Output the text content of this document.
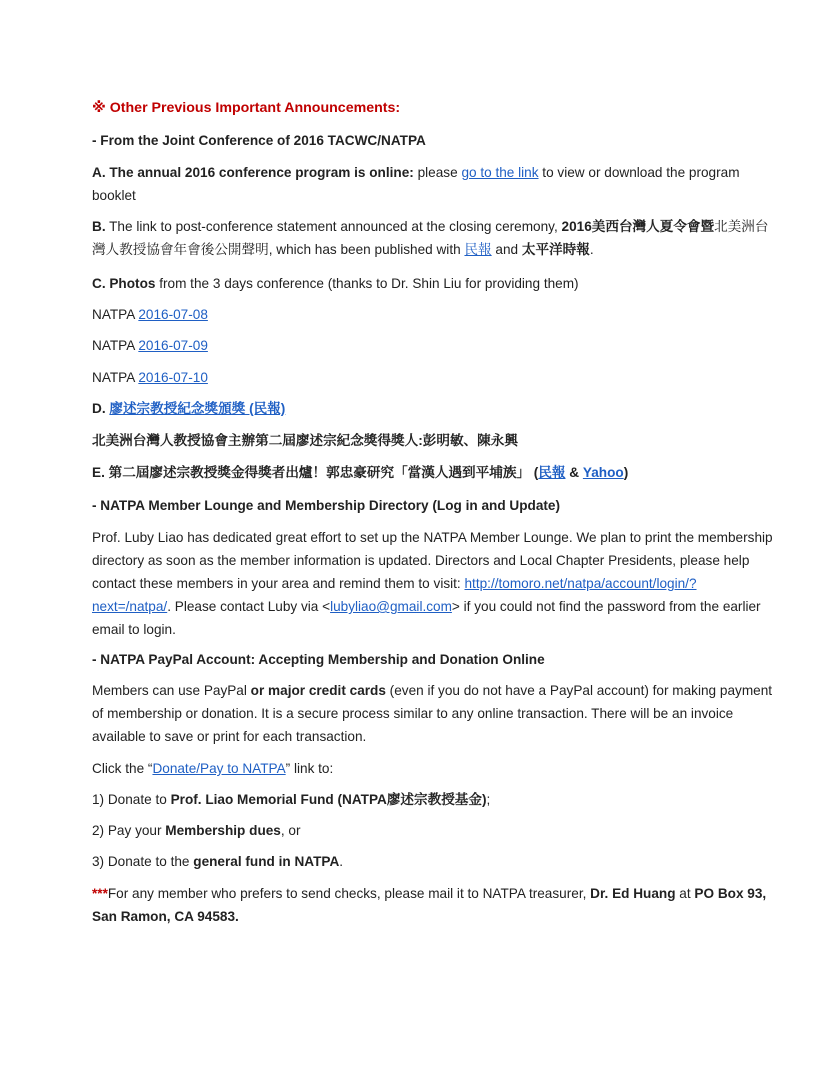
※ Other Previous Important Announcements:

- From the Joint Conference of 2016 TACWC/NATPA

A. The annual 2016 conference program is online: please go to the link to view or download the program booklet

B. The link to post-conference statement announced at the closing ceremony, 2016美西台灣人夏令會暨北美洲台灣人教授協會年會後公開聲明, which has been published with 民報 and 太平洋時報.

C. Photos from the 3 days conference (thanks to Dr. Shin Liu for providing them)

NATPA 2016-07-08

NATPA 2016-07-09

NATPA 2016-07-10

D. 廖述宗教授紀念獎頒獎 (民報)

北美洲台灣人教授協會主辦第二屆廖述宗紀念獎得獎人:彭明敏、陳永興

E. 第二屆廖述宗教授獎金得獎者出爐！郭忠豪研究「當漢人遇到平埔族」 (民報 & Yahoo)

- NATPA Member Lounge and Membership Directory (Log in and Update)

Prof. Luby Liao has dedicated great effort to set up the NATPA Member Lounge. We plan to print the membership directory as soon as the member information is updated. Directors and Local Chapter Presidents, please help contact these members in your area and remind them to visit: http://tomoro.net/natpa/account/login/?next=/natpa/. Please contact Luby via <lubyliao@gmail.com> if you could not find the password from the earlier email to login.

- NATPA PayPal Account: Accepting Membership and Donation Online

Members can use PayPal or major credit cards (even if you do not have a PayPal account) for making payment of membership or donation. It is a secure process similar to any online transaction. There will be an invoice available to save or print for each transaction.

Click the “Donate/Pay to NATPA” link to:

1) Donate to Prof. Liao Memorial Fund (NATPA廖述宗教授基金);

2) Pay your Membership dues, or

3) Donate to the general fund in NATPA.

***For any member who prefers to send checks, please mail it to NATPA treasurer, Dr. Ed Huang at PO Box 93, San Ramon, CA 94583.
